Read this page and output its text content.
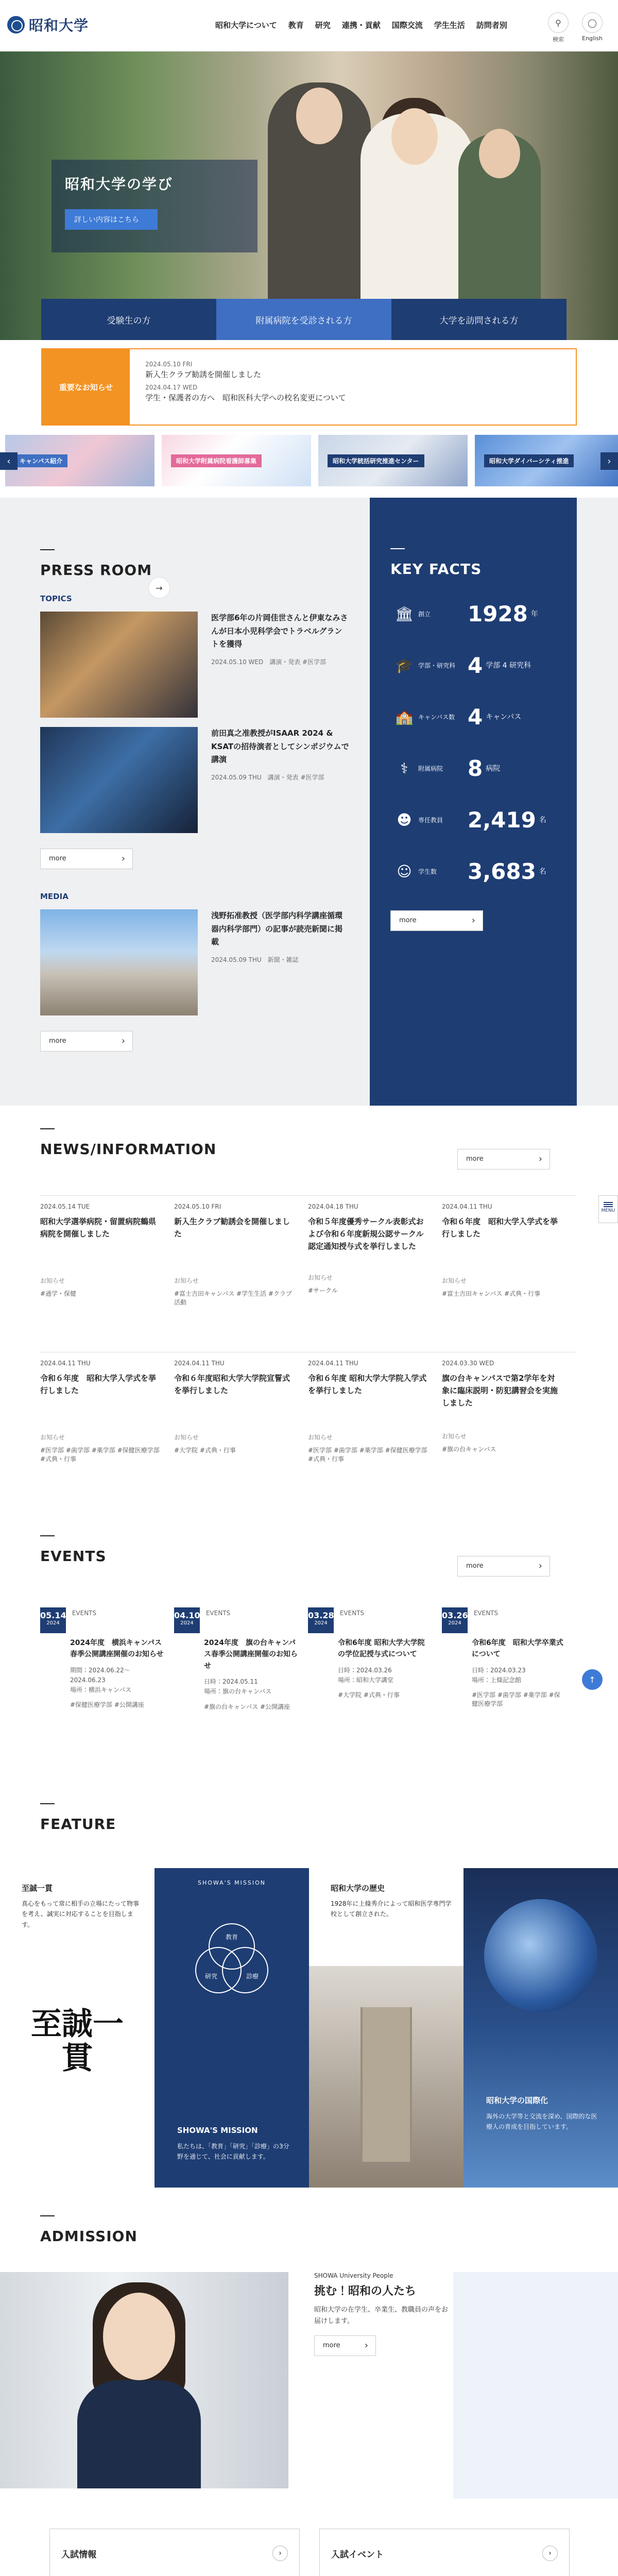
昭和大学	昭和大学について 教育 研究 連携・貢献 国際交流 学生生活 訪問者別	⚲
検索
◯
English
昭和大学の学び
詳しい内容はこちら
受験生の方	附属病院を受診される方	大学を訪問される方
重要なお知らせ
2024.05.10 FRI
新入生クラブ勧誘を開催しました
2024.04.17 WED
学生・保護者の方へ　昭和医科大学への校名変更について
キャンパス紹介	昭和大学附属病院看護師募集	昭和大学統括研究推進センター	昭和大学ダイバーシティ推進
‹	›
PRESS ROOM
→
TOPICS
医学部6年の片岡佳世さんと伊東なみさんが日本小児科学会でトラベルグラントを獲得
2024.05.10 WED　講演・発表 #医学部
前田真之准教授がISAAR 2024 & KSATの招待演者としてシンポジウムで講演
2024.05.09 THU　講演・発表 #医学部
more ›
MEDIA
浅野拓准教授（医学部内科学講座循環器内科学部門）の記事が読売新聞に掲載
2024.05.09 THU　新聞・雑誌
more ›
KEY FACTS
🏛 創立	1928 年
🎓 学部・研究科 4 学部 4 研究科
🏫 キャンパス数 4 キャンパス
⚕	附属病院	8 病院
☻	専任教員	2,419 名
☺	学生数	3,683 名
more ›
NEWS/INFORMATION
more ›
2024.05.14 TUE
昭和大学選挙病院・留置病院鶴県病院を開催しました
お知らせ
#通学・保健
2024.05.10 FRI
新入生クラブ勧誘会を開催しました
お知らせ
#富士吉田キャンパス #学生生活 #クラブ活動
2024.04.18 THU
令和５年度優秀サークル表彰式および令和６年度新規公認サークル認定通知授与式を挙行しました
お知らせ
#サークル
2024.04.11 THU
令和６年度　昭和大学入学式を挙行しました
お知らせ
#富士吉田キャンパス #式典・行事
2024.04.11 THU
令和６年度　昭和大学入学式を挙行しました
お知らせ
#医学部 #歯学部 #薬学部 #保健医療学部 #式典・行事
2024.04.11 THU
令和６年度昭和大学大学院宣誓式を挙行しました
お知らせ
#大学院 #式典・行事
2024.04.11 THU
令和６年度 昭和大学大学院入学式を挙行しました
お知らせ
#医学部 #歯学部 #薬学部 #保健医療学部 #式典・行事
2024.03.30 WED
旗の台キャンパスで第2学年を対象に臨床説明・防犯講習会を実施しました
お知らせ
#旗の台キャンパス
EVENTS
more ›
05.14
2024
EVENTS
2024年度　横浜キャンパス春季公開講座開催のお知らせ
期間：2024.06.22〜2024.06.23
場所：横浜キャンパス
#保健医療学部 #公開講座
04.10
2024
EVENTS
2024年度　旗の台キャンパス春季公開講座開催のお知らせ
日時：2024.05.11
場所：旗の台キャンパス
#旗の台キャンパス #公開講座
03.28
2024
EVENTS
令和6年度 昭和大学大学院の学位記授与式について
日時：2024.03.26
場所：昭和大学講堂
#大学院 #式典・行事
03.26
2024
EVENTS
令和6年度　昭和大学卒業式について
日時：2024.03.23
場所：上條記念館
#医学部 #歯学部 #薬学部 #保健医療学部
FEATURE
至誠一貫
真心をもって常に相手の立場にたって物事を考え、誠実に対応することを目指します。
至誠一貫
教育
研究	診療
SHOWA'S MISSION
SHOWA'S MISSION
私たちは、「教育」「研究」「診療」の3分野を通じて、社会に貢献します。
昭和大学の歴史
1928年に上條秀介によって昭和医学専門学校として創立された。
昭和大学の国際化
海外の大学等と交流を深め、国際的な医療人の育成を目指しています。
ADMISSION
SHOWA University People
挑む！昭和の人たち
昭和大学の在学生、卒業生、教職員の声をお届けします。
more ›
入試情報	›	入試イベント	›
MENU
↑
